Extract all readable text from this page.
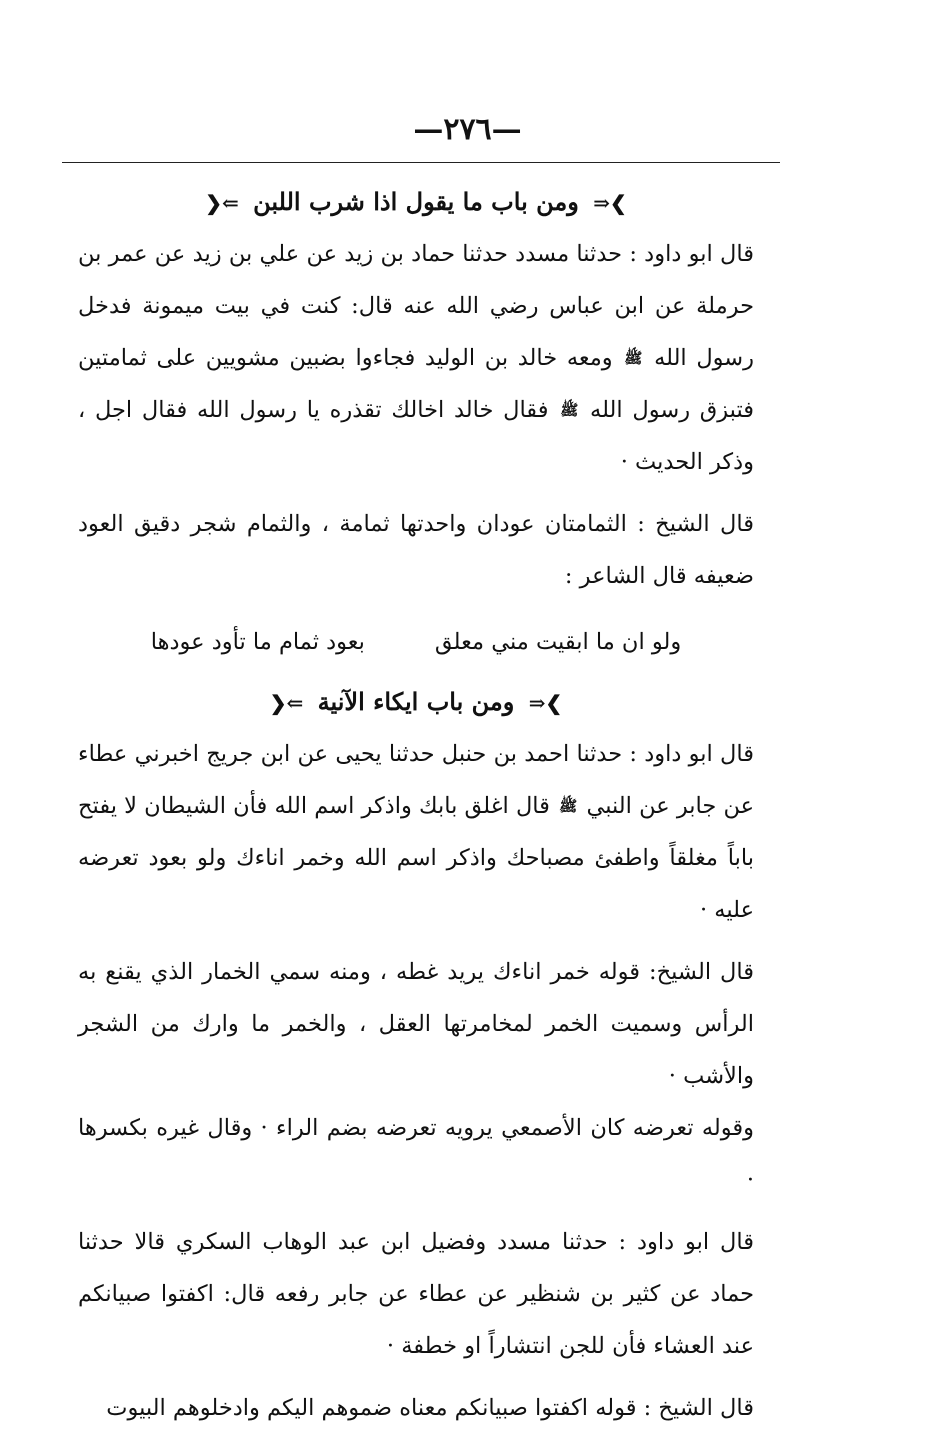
—٢٧٦—
❯⇒ ومن باب ما يقول اذا شرب اللبن ⇐❮
قال ابو داود : حدثنا مسدد حدثنا حماد بن زيد عن علي بن زيد عن عمر بن حرملة عن ابن عباس رضي الله عنه قال: كنت في بيت ميمونة فدخل رسول الله ﷺ ومعه خالد بن الوليد فجاءوا بضبين مشويين على ثمامتين فتبزق رسول الله ﷺ فقال خالد اخالك تقذره يا رسول الله فقال اجل ، وذكر الحديث ·
قال الشيخ : الثمامتان عودان واحدتها ثمامة ، والثمام شجر دقيق العود ضعيفه قال الشاعر :
ولو ان ما ابقيت مني معلق
بعود ثمام ما تأود عودها
❯⇒ ومن باب ايكاء الآنية ⇐❮
قال ابو داود : حدثنا احمد بن حنبل حدثنا يحيى عن ابن جريج اخبرني عطاء عن جابر عن النبي ﷺ قال اغلق بابك واذكر اسم الله فأن الشيطان لا يفتح باباً مغلقاً واطفئ مصباحك واذكر اسم الله وخمر اناءك ولو بعود تعرضه عليه ·
قال الشيخ: قوله خمر اناءك يريد غطه ، ومنه سمي الخمار الذي يقنع به الرأس وسميت الخمر لمخامرتها العقل ، والخمر ما وارك من الشجر والأشب ·
وقوله تعرضه كان الأصمعي يرويه تعرضه بضم الراء · وقال غيره بكسرها ·
قال ابو داود : حدثنا مسدد وفضيل ابن عبد الوهاب السكري قالا حدثنا حماد عن كثير بن شنظير عن عطاء عن جابر رفعه قال: اكفتوا صبيانكم عند العشاء فأن للجن انتشاراً او خطفة ·
قال الشيخ : قوله اكفتوا صبيانكم معناه ضموهم اليكم وادخلوهم البيوت
